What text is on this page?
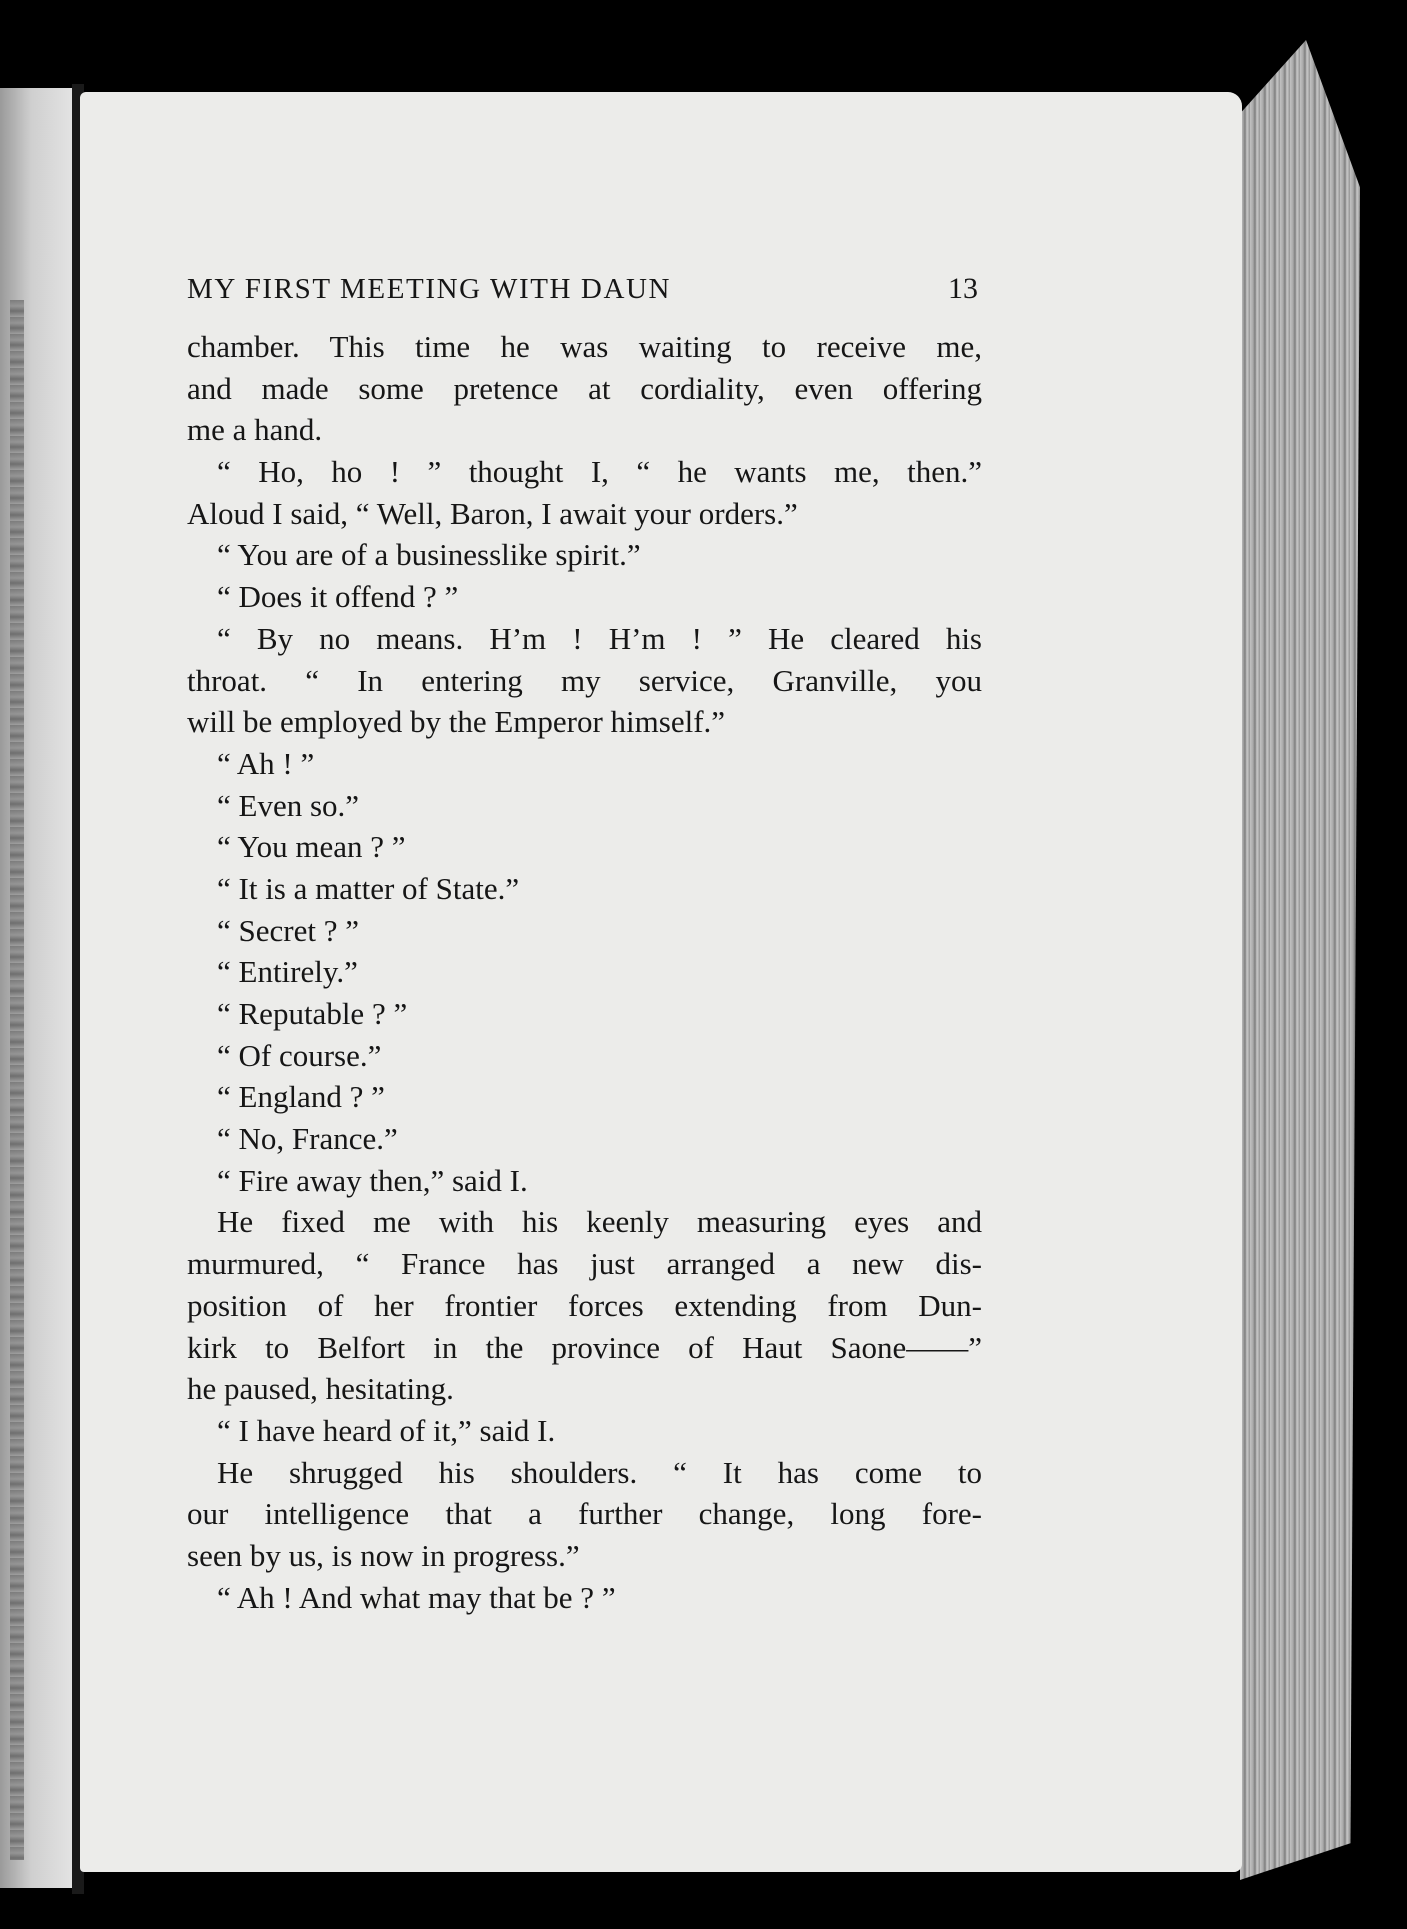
MY FIRST MEETING WITH DAUN	13
chamber. This time he was waiting to receive me,
and made some pretence at cordiality, even offering
me a hand.
“ Ho, ho ! ” thought I, “ he wants me, then.”
Aloud I said, “ Well, Baron, I await your orders.”
“ You are of a businesslike spirit.”
“ Does it offend ? ”
“ By no means. H’m ! H’m ! ” He cleared his
throat. “ In entering my service, Granville, you
will be employed by the Emperor himself.”
“ Ah ! ”
“ Even so.”
“ You mean ? ”
“ It is a matter of State.”
“ Secret ? ”
“ Entirely.”
“ Reputable ? ”
“ Of course.”
“ England ? ”
“ No, France.”
“ Fire away then,” said I.
He fixed me with his keenly measuring eyes and
murmured, “ France has just arranged a new dis-
position of her frontier forces extending from Dun-
kirk to Belfort in the province of Haut Saone——”
he paused, hesitating.
“ I have heard of it,” said I.
He shrugged his shoulders. “ It has come to
our intelligence that a further change, long fore-
seen by us, is now in progress.”
“ Ah ! And what may that be ? ”
